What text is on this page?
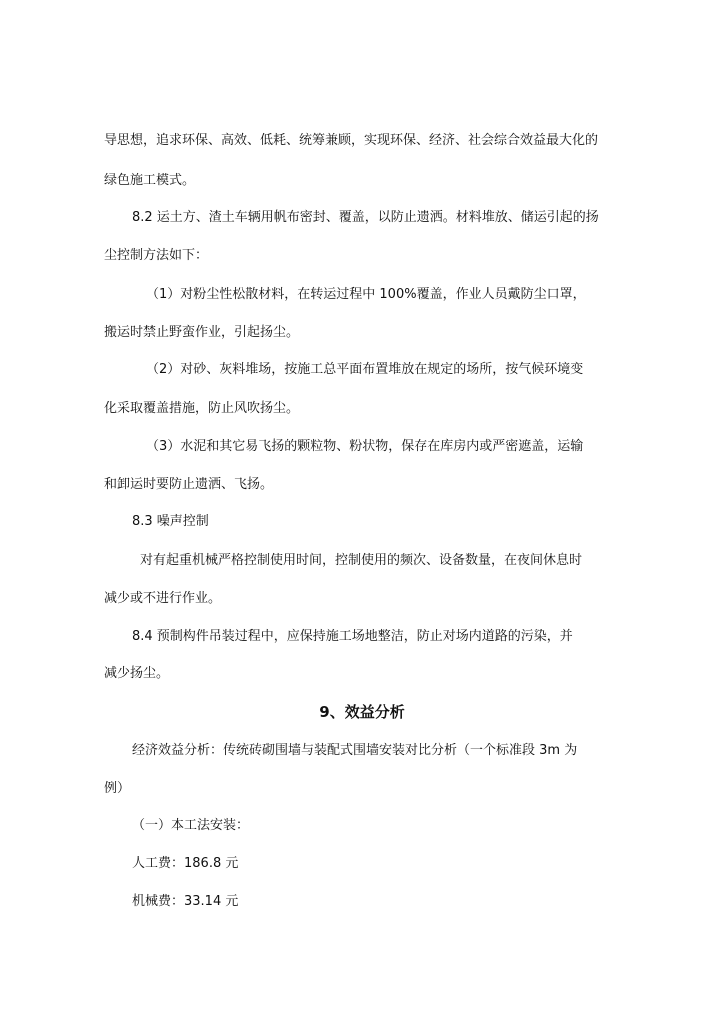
导思想，追求环保、高效、低耗、统筹兼顾，实现环保、经济、社会综合效益最大化的

绿色施工模式。

8.2 运土方、渣土车辆用帆布密封、覆盖，以防止遗洒。材料堆放、储运引起的扬

尘控制方法如下：

（1）对粉尘性松散材料，在转运过程中 100%覆盖，作业人员戴防尘口罩，

搬运时禁止野蛮作业，引起扬尘。

（2）对砂、灰料堆场，按施工总平面布置堆放在规定的场所，按气候环境变

化采取覆盖措施，防止风吹扬尘。

（3）水泥和其它易飞扬的颗粒物、粉状物，保存在库房内或严密遮盖，运输

和卸运时要防止遗洒、飞扬。

8.3 噪声控制

对有起重机械严格控制使用时间，控制使用的频次、设备数量，在夜间休息时

减少或不进行作业。

8.4 预制构件吊装过程中，应保持施工场地整洁，防止对场内道路的污染，并

减少扬尘。

9、效益分析

经济效益分析：传统砖砌围墙与装配式围墙安装对比分析（一个标准段 3m 为

例）

（一）本工法安装：

人工费：186.8 元

机械费：33.14 元
